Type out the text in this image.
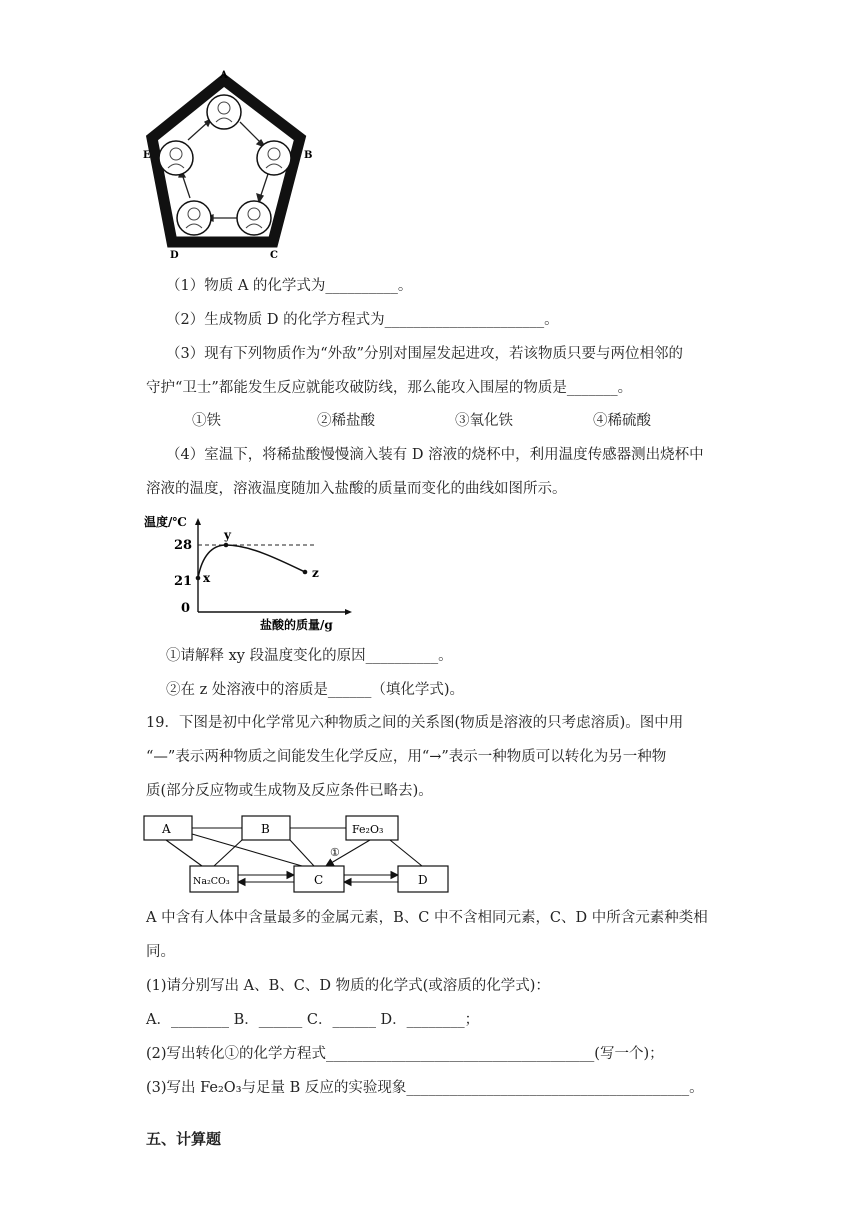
A
B
C
D
E
（1）物质 A 的化学式为__________。
（2）生成物质 D 的化学方程式为______________________。
（3）现有下列物质作为“外敌”分别对围屋发起进攻，若该物质只要与两位相邻的
守护“卫士”都能发生反应就能攻破防线，那么能攻入围屋的物质是_______。
①铁	②稀盐酸	③氧化铁	④稀硫酸
（4）室温下，将稀盐酸慢慢滴入装有 D 溶液的烧杯中，利用温度传感器测出烧杯中
溶液的温度，溶液温度随加入盐酸的质量而变化的曲线如图所示。
温度/℃
28
21
0
x
y
z
盐酸的质量/g
①请解释 xy 段温度变化的原因__________。
②在 z 处溶液中的溶质是______（填化学式)。
19．下图是初中化学常见六种物质之间的关系图(物质是溶液的只考虑溶质)。图中用
“—”表示两种物质之间能发生化学反应，用“→”表示一种物质可以转化为另一种物
质(部分反应物或生成物及反应条件已略去)。
A	B	Fe₂O₃
Na₂CO₃	C	D
①
A 中含有人体中含量最多的金属元素，B、C 中不含相同元素，C、D 中所含元素种类相
同。
(1)请分别写出 A、B、C、D 物质的化学式(或溶质的化学式)：
A．________ B．______ C．______ D．________；
(2)写出转化①的化学方程式_____________________________________(写一个)；
(3)写出 Fe₂O₃与足量 B 反应的实验现象_______________________________________。
五、计算题
